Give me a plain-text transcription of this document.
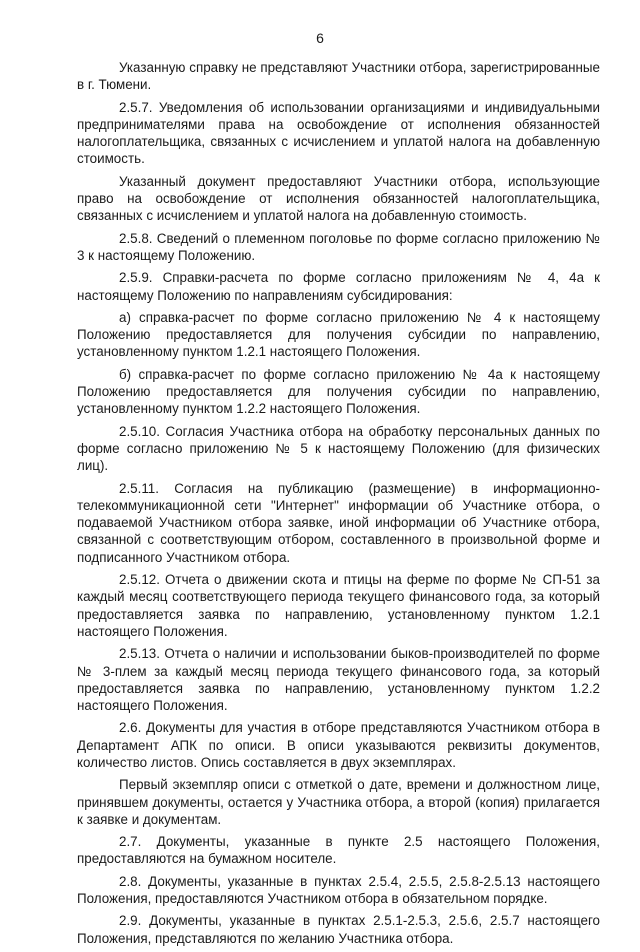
6

Указанную справку не представляют Участники отбора, зарегистрированные в г. Тюмени.

2.5.7. Уведомления об использовании организациями и индивидуальными предпринимателями права на освобождение от исполнения обязанностей налогоплательщика, связанных с исчислением и уплатой налога на добавленную стоимость.

Указанный документ предоставляют Участники отбора, использующие право на освобождение от исполнения обязанностей налогоплательщика, связанных с исчислением и уплатой налога на добавленную стоимость.

2.5.8. Сведений о племенном поголовье по форме согласно приложению № 3 к настоящему Положению.

2.5.9. Справки-расчета по форме согласно приложениям № 4, 4а к настоящему Положению по направлениям субсидирования:

а) справка-расчет по форме согласно приложению № 4 к настоящему Положению предоставляется для получения субсидии по направлению, установленному пунктом 1.2.1 настоящего Положения.

б) справка-расчет по форме согласно приложению № 4а к настоящему Положению предоставляется для получения субсидии по направлению, установленному пунктом 1.2.2 настоящего Положения.

2.5.10. Согласия Участника отбора на обработку персональных данных по форме согласно приложению № 5 к настоящему Положению (для физических лиц).

2.5.11. Согласия на публикацию (размещение) в информационно-телекоммуникационной сети "Интернет" информации об Участнике отбора, о подаваемой Участником отбора заявке, иной информации об Участнике отбора, связанной с соответствующим отбором, составленного в произвольной форме и подписанного Участником отбора.

2.5.12. Отчета о движении скота и птицы на ферме по форме № СП-51 за каждый месяц соответствующего периода текущего финансового года, за который предоставляется заявка по направлению, установленному пунктом 1.2.1 настоящего Положения.

2.5.13. Отчета о наличии и использовании быков-производителей по форме № 3-плем за каждый месяц периода текущего финансового года, за который предоставляется заявка по направлению, установленному пунктом 1.2.2 настоящего Положения.

2.6. Документы для участия в отборе представляются Участником отбора в Департамент АПК по описи. В описи указываются реквизиты документов, количество листов. Опись составляется в двух экземплярах.

Первый экземпляр описи с отметкой о дате, времени и должностном лице, принявшем документы, остается у Участника отбора, а второй (копия) прилагается к заявке и документам.

2.7. Документы, указанные в пункте 2.5 настоящего Положения, предоставляются на бумажном носителе.

2.8. Документы, указанные в пунктах 2.5.4, 2.5.5, 2.5.8-2.5.13 настоящего Положения, предоставляются Участником отбора в обязательном порядке.

2.9. Документы, указанные в пунктах 2.5.1-2.5.3, 2.5.6, 2.5.7 настоящего Положения, представляются по желанию Участника отбора.
